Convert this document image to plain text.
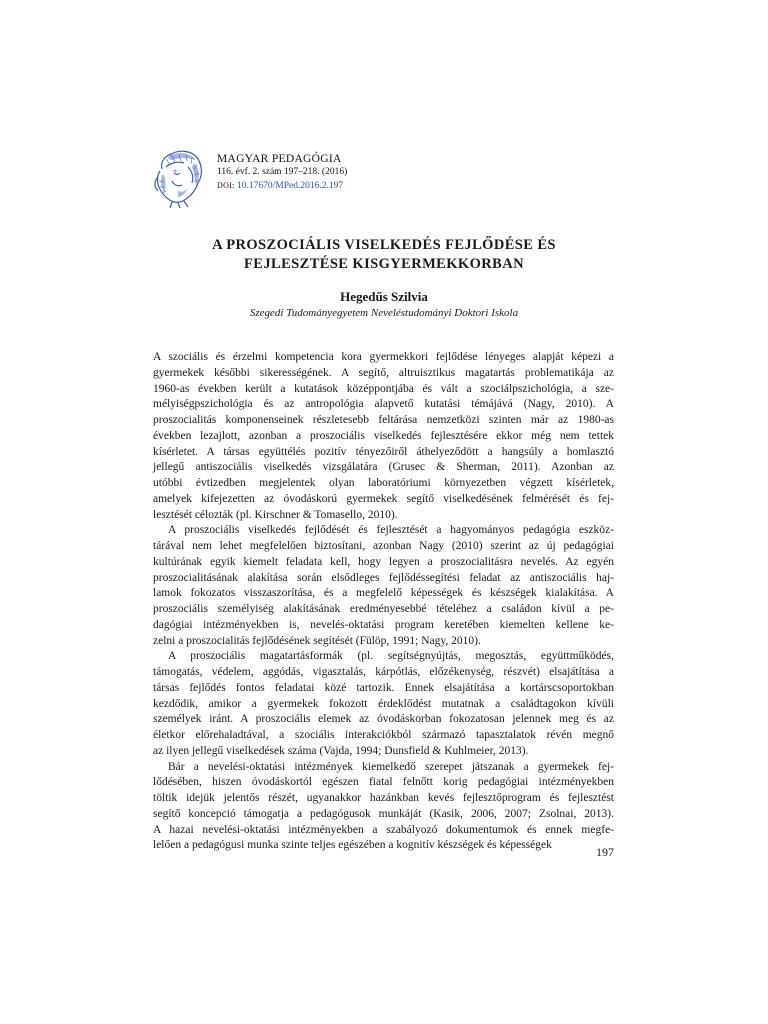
MAGYAR PEDAGÓGIA
116. évf. 2. szám 197–218. (2016)
DOI: 10.17670/MPed.2016.2.197
A PROSZOCIÁLIS VISELKEDÉS FEJLŐDÉSE ÉS
FEJLESZTÉSE KISGYERMEKKORBAN
Hegedűs Szilvia
Szegedi Tudományegyetem Neveléstudományi Doktori Iskola
A szociális és érzelmi kompetencia kora gyermekkori fejlődése lényeges alapját képezi a
gyermekek későbbi sikerességének. A segítő, altruisztikus magatartás problematikája az
1960-as években került a kutatások középpontjába és vált a szociálpszichológia, a sze-
mélyiségpszichológia és az antropológia alapvető kutatási témájává (Nagy, 2010). A
proszocialitás komponenseinek részletesebb feltárása nemzetközi szinten már az 1980-as
években lezajlott, azonban a proszociális viselkedés fejlesztésére ekkor még nem tettek
kísérletet. A társas együttélés pozitív tényezőiről áthelyeződött a hangsúly a homlasztó
jellegű antiszociális viselkedés vizsgálatára (Grusec & Sherman, 2011). Azonban az
utóbbi évtizedben megjelentek olyan laboratóriumi környezetben végzett kísérletek,
amelyek kifejezetten az óvodáskorú gyermekek segítő viselkedésének felmérését és fej-
lesztését célozták (pl. Kirschner & Tomasello, 2010).
A proszociális viselkedés fejlődését és fejlesztését a hagyományos pedagógia eszköz-
tárával nem lehet megfelelően biztosítani, azonban Nagy (2010) szerint az új pedagógiai
kultúrának egyik kiemelt feladata kell, hogy legyen a proszocialitásra nevelés. Az egyén
proszocialitásának alakítása során elsődleges fejlődéssegítési feladat az antiszociális haj-
lamok fokozatos visszaszorítása, és a megfelelő képességek és készségek kialakítása. A
proszociális személyiség alakításának eredményesebbé tételéhez a családon kívül a pe-
dagógiai intézményekben is, nevelés-oktatási program keretében kiemelten kellene ke-
zelni a proszocialitás fejlődésének segítését (Fülöp, 1991; Nagy, 2010).
A proszociális magatartásformák (pl. segítségnyújtás, megosztás, együttműködés,
támogatás, védelem, aggódás, vigasztalás, kárpótlás, előzékenység, részvét) elsajátítása a
társas fejlődés fontos feladatai közé tartozik. Ennek elsajátítása a kortárscsoportokban
kezdődik, amikor a gyermekek fokozott érdeklődést mutatnak a családtagokon kívüli
személyek iránt. A proszociális elemek az óvodáskorban fokozatosan jelennek meg és az
életkor előrehaladtával, a szociális interakciókból származó tapasztalatok révén megnő
az ilyen jellegű viselkedések száma (Vajda, 1994; Dunsfield & Kuhlmeier, 2013).
Bár a nevelési-oktatási intézmények kiemelkedő szerepet játszanak a gyermekek fej-
lődésében, hiszen óvodáskortól egészen fiatal felnőtt korig pedagógiai intézményekben
töltik idejük jelentős részét, ugyanakkor hazánkban kevés fejlesztőprogram és fejlesztést
segítő koncepció támogatja a pedagógusok munkáját (Kasik, 2006, 2007; Zsolnai, 2013).
A hazai nevelési-oktatási intézményekben a szabályozó dokumentumok és ennek megfe-
lelően a pedagógusi munka szinte teljes egészében a kognitív készségek és képességek	197
